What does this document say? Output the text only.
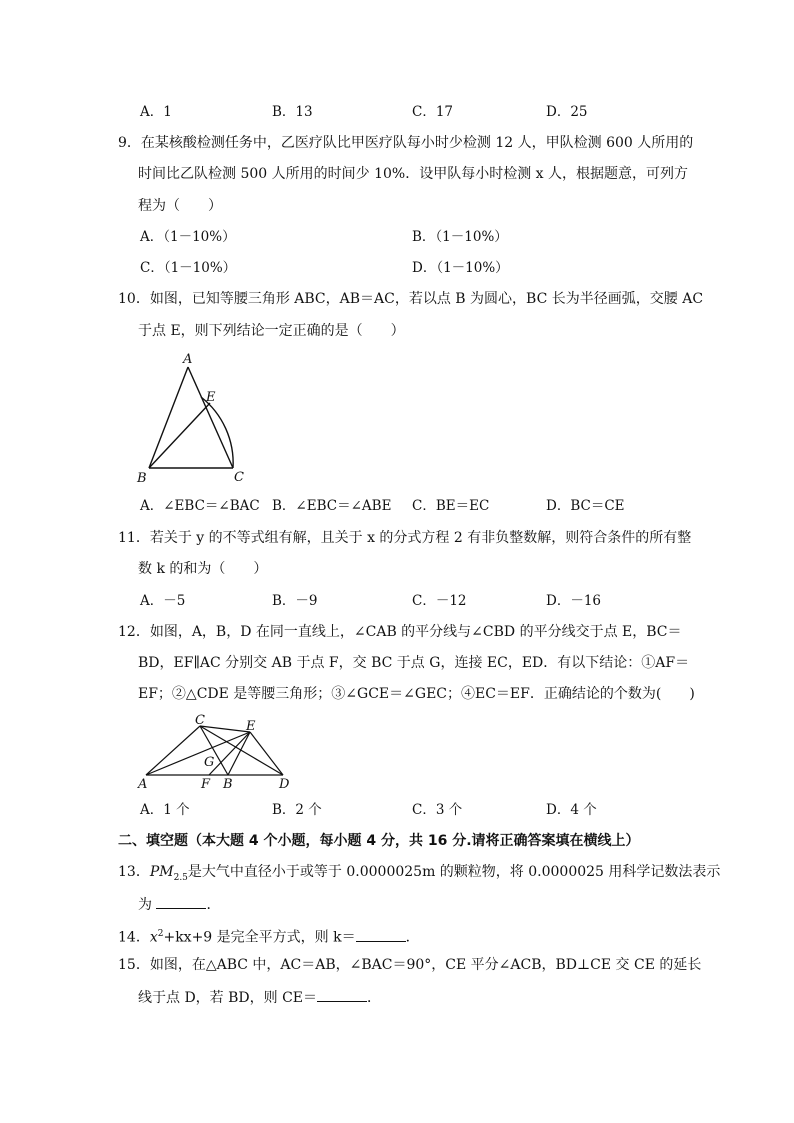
A．1	B．13	C．17	D．25
9．在某核酸检测任务中，乙医疗队比甲医疗队每小时少检测 12 人，甲队检测 600 人所用的
时间比乙队检测 500 人所用的时间少 10%．设甲队每小时检测 x 人，根据题意，可列方
程为（　　）
A．（1－10%）	B．（1－10%）
C．（1－10%）	D．（1－10%）
10．如图，已知等腰三角形 ABC，AB＝AC，若以点 B 为圆心，BC 长为半径画弧，交腰 AC
于点 E，则下列结论一定正确的是（　　）
A
E
B	C
A．∠EBC＝∠BAC B．∠EBC＝∠ABE C．BE＝EC	D．BC＝CE
11．若关于 y 的不等式组有解，且关于 x 的分式方程 2 有非负整数解，则符合条件的所有整
数 k 的和为（　　）
A．－5	B．－9	C．－12	D．－16
12．如图，A，B，D 在同一直线上，∠CAB 的平分线与∠CBD 的平分线交于点 E，BC＝
BD，EF∥AC 分别交 AB 于点 F，交 BC 于点 G，连接 EC，ED．有以下结论：①AF＝
EF；②△CDE 是等腰三角形；③∠GCE＝∠GEC；④EC＝EF．正确结论的个数为(　　)
C	E
G
A	F B	D
A．1 个	B．2 个	C．3 个	D．4 个
二、填空题（本大题 4 个小题，每小题 4 分，共 16 分.请将正确答案填在横线上）
13．$PM_{2.5}$是大气中直径小于或等于 0.0000025m 的颗粒物，将 0.0000025 用科学记数法表示
为	．
14．$x^2+kx+9$ 是完全平方式，则 k＝	．
15．如图，在△ABC 中，AC＝AB，∠BAC＝90°，CE 平分∠ACB，BD⊥CE 交 CE 的延长
线于点 D，若 BD，则 CE＝	．
